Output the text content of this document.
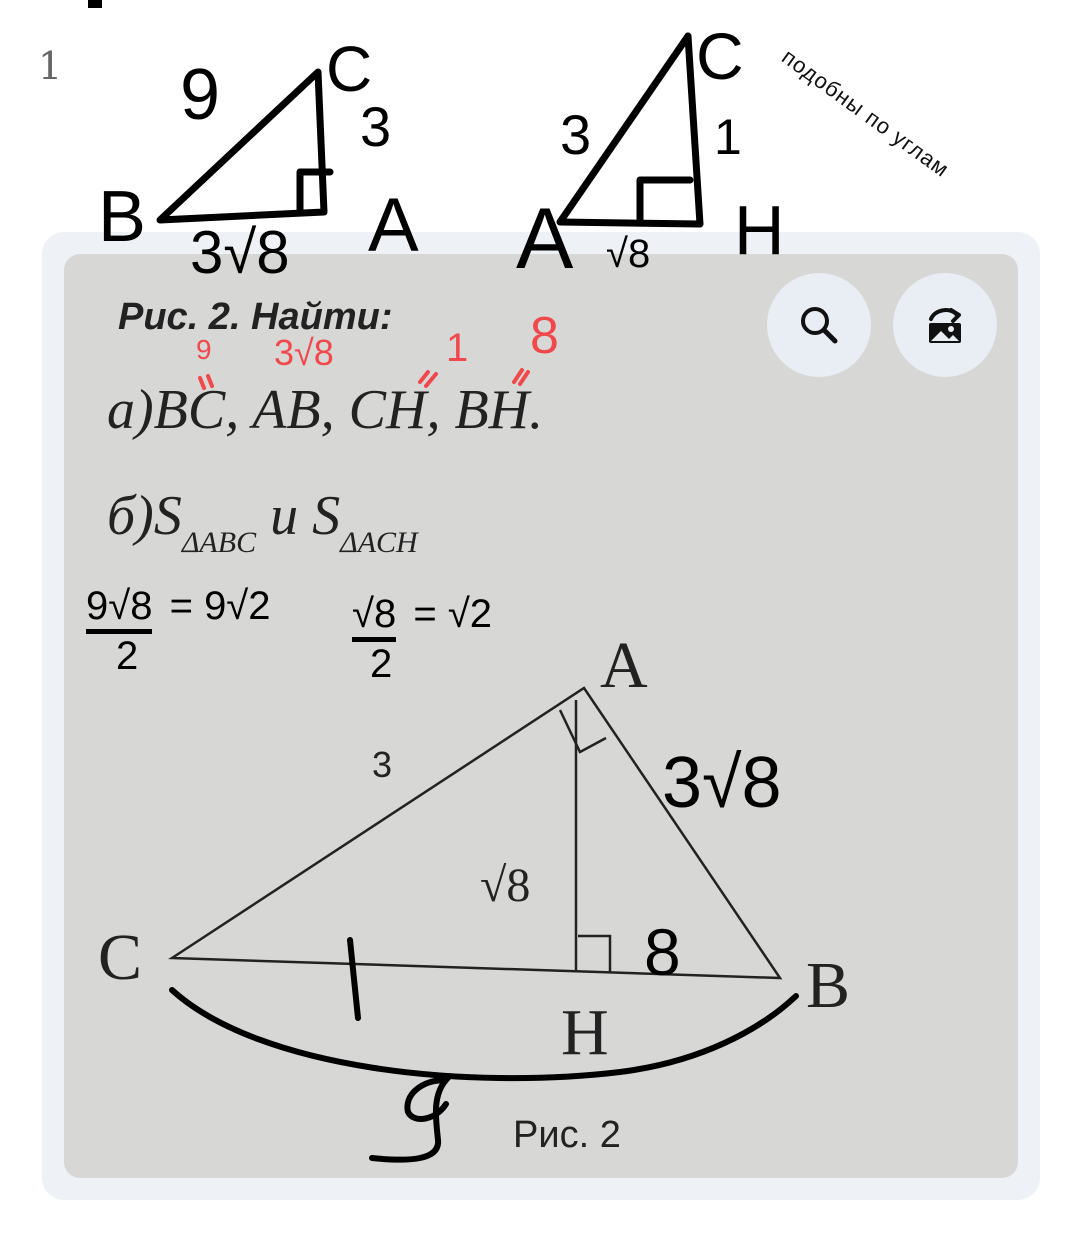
1
Рис. 2. Найти:
а)BC, AB, CH, BH.
$б)S_{\Delta ABC}$ и $S_{\Delta ACH}$
A
C	B
H
3
√8
Рис. 2
подобны по углам
9 3√8	1 8
9√8 = 9√2
2
√8 = √2
2
3√8
8
9 C
3
B 3√8 A
C
3 1
A √8 H
